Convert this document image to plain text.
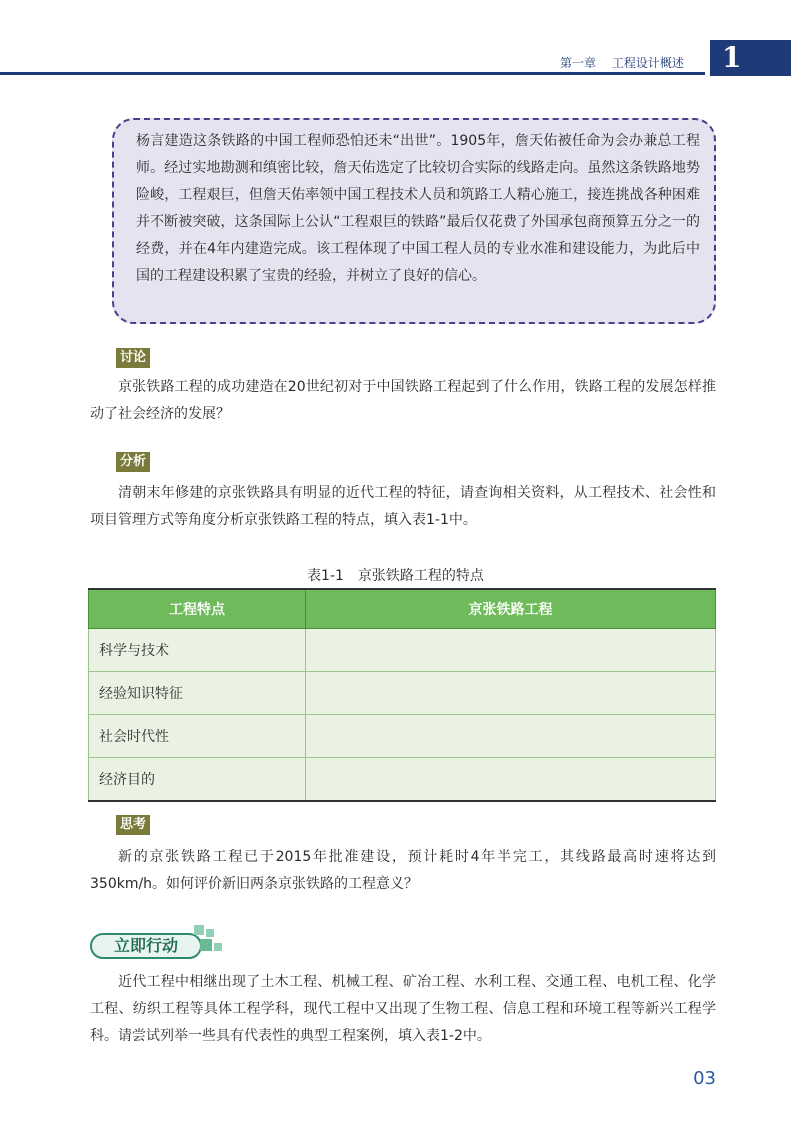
第一章 工程设计概述	1

杨言建造这条铁路的中国工程师恐怕还未“出世”。1905年，詹天佑被任命为会办兼总工程师。经过实地勘测和缜密比较，詹天佑选定了比较切合实际的线路走向。虽然这条铁路地势险峻，工程艰巨，但詹天佑率领中国工程技术人员和筑路工人精心施工，接连挑战各种困难并不断被突破，这条国际上公认“工程艰巨的铁路”最后仅花费了外国承包商预算五分之一的经费，并在4年内建造完成。该工程体现了中国工程人员的专业水准和建设能力，为此后中国的工程建设积累了宝贵的经验，并树立了良好的信心。

讨论

京张铁路工程的成功建造在20世纪初对于中国铁路工程起到了什么作用，铁路工程的发展怎样推动了社会经济的发展？

分析

清朝末年修建的京张铁路具有明显的近代工程的特征，请查询相关资料，从工程技术、社会性和项目管理方式等角度分析京张铁路工程的特点，填入表1-1中。

表1-1　京张铁路工程的特点
工程特点	京张铁路工程
科学与技术	
经验知识特征	
社会时代性	
经济目的	
思考

新的京张铁路工程已于2015年批准建设，预计耗时4年半完工，其线路最高时速将达到350km/h。如何评价新旧两条京张铁路的工程意义？

立即行动

近代工程中相继出现了土木工程、机械工程、矿冶工程、水利工程、交通工程、电机工程、化学工程、纺织工程等具体工程学科，现代工程中又出现了生物工程、信息工程和环境工程等新兴工程学科。请尝试列举一些具有代表性的典型工程案例，填入表1-2中。

03
